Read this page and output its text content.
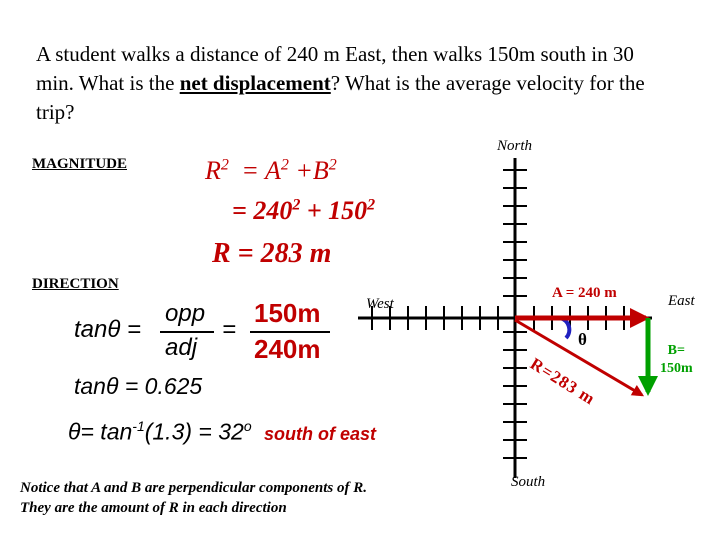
A student walks a distance of 240 m East, then walks 150m south in 30 min. What is the net displacement? What is the average velocity for the trip?
MAGNITUDE	$R^2 = A^2 +B^2$
= $240^2 + 150^2$
R = 283 m
DIRECTION
tanθ =
opp
adj
=
150m
240m
tanθ = 0.625
$\theta= \tan^{-1}(1.3) = 32^o$ south of east
Notice that A and B are perpendicular components of R.
They are the amount of R in each direction
North
South
East
West
A = 240 m
B=
150m
R=283 m
θ
